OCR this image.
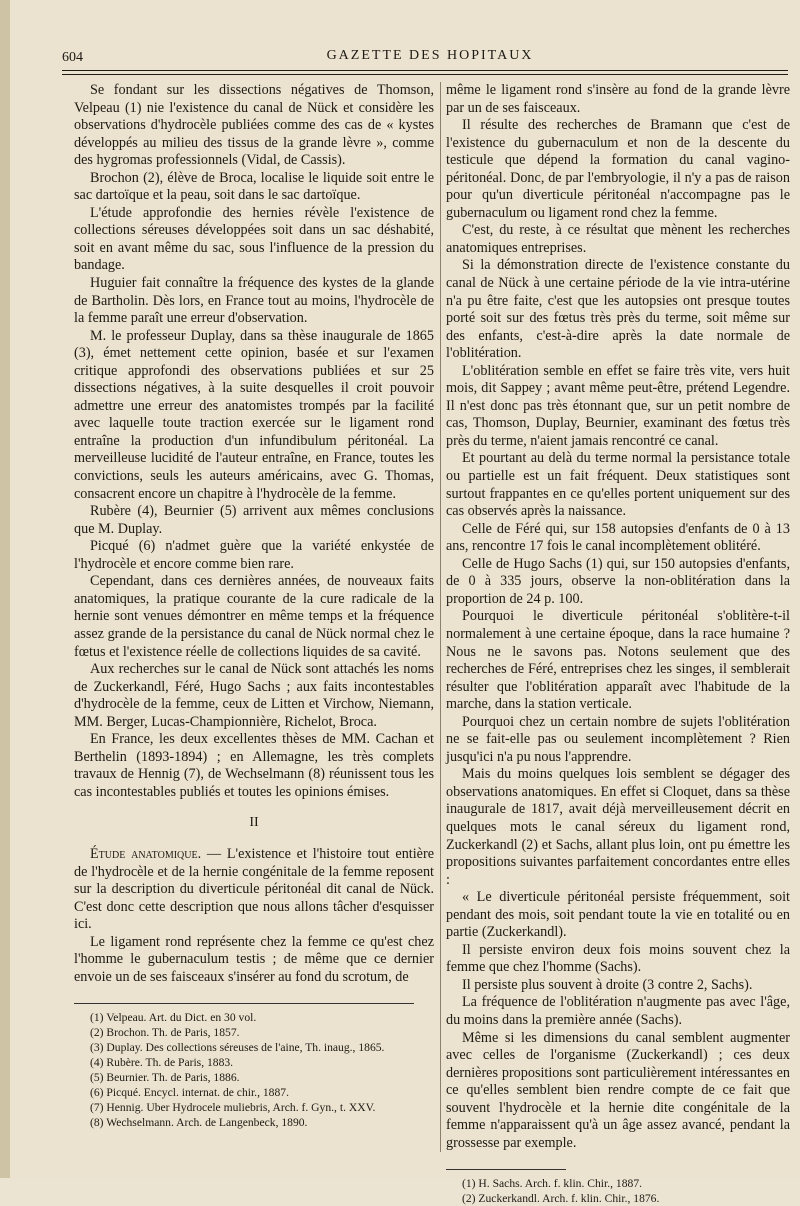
604	GAZETTE DES HOPITAUX

Se fondant sur les dissections négatives de Thomson, Velpeau (1) nie l'existence du canal de Nück et considère les observations d'hydrocèle publiées comme des cas de « kystes développés au milieu des tissus de la grande lèvre », comme des hygromas professionnels (Vidal, de Cassis).

Brochon (2), élève de Broca, localise le liquide soit entre le sac dartoïque et la peau, soit dans le sac dartoïque.

L'étude approfondie des hernies révèle l'existence de collections séreuses développées soit dans un sac déshabité, soit en avant même du sac, sous l'influence de la pression du bandage.

Huguier fait connaître la fréquence des kystes de la glande de Bartholin. Dès lors, en France tout au moins, l'hydrocèle de la femme paraît une erreur d'observation.

M. le professeur Duplay, dans sa thèse inaugurale de 1865 (3), émet nettement cette opinion, basée et sur l'examen critique approfondi des observations publiées et sur 25 dissections négatives, à la suite desquelles il croit pouvoir admettre une erreur des anatomistes trompés par la facilité avec laquelle toute traction exercée sur le ligament rond entraîne la production d'un infundibulum péritonéal. La merveilleuse lucidité de l'auteur entraîne, en France, toutes les convictions, seuls les auteurs américains, avec G. Thomas, consacrent encore un chapitre à l'hydrocèle de la femme.

Rubère (4), Beurnier (5) arrivent aux mêmes conclusions que M. Duplay.

Picqué (6) n'admet guère que la variété enkystée de l'hydrocèle et encore comme bien rare.

Cependant, dans ces dernières années, de nouveaux faits anatomiques, la pratique courante de la cure radicale de la hernie sont venues démontrer en même temps et la fréquence assez grande de la persistance du canal de Nück normal chez le fœtus et l'existence réelle de collections liquides de sa cavité.

Aux recherches sur le canal de Nück sont attachés les noms de Zuckerkandl, Féré, Hugo Sachs ; aux faits incontestables d'hydrocèle de la femme, ceux de Litten et Virchow, Niemann, MM. Berger, Lucas-Championnière, Richelot, Broca.

En France, les deux excellentes thèses de MM. Cachan et Berthelin (1893-1894) ; en Allemagne, les très complets travaux de Hennig (7), de Wechselmann (8) réunissent tous les cas incontestables publiés et toutes les opinions émises.

II

Étude anatomique. — L'existence et l'histoire tout entière de l'hydrocèle et de la hernie congénitale de la femme reposent sur la description du diverticule péritonéal dit canal de Nück. C'est donc cette description que nous allons tâcher d'esquisser ici.

Le ligament rond représente chez la femme ce qu'est chez l'homme le gubernaculum testis ; de même que ce dernier envoie un de ses faisceaux s'insérer au fond du scrotum, de

(1) Velpeau. Art. du Dict. en 30 vol.
(2) Brochon. Th. de Paris, 1857.
(3) Duplay. Des collections séreuses de l'aine, Th. inaug., 1865.
(4) Rubère. Th. de Paris, 1883.
(5) Beurnier. Th. de Paris, 1886.
(6) Picqué. Encycl. internat. de chir., 1887.
(7) Hennig. Uber Hydrocele muliebris, Arch. f. Gyn., t. XXV.
(8) Wechselmann. Arch. de Langenbeck, 1890.

même le ligament rond s'insère au fond de la grande lèvre par un de ses faisceaux.

Il résulte des recherches de Bramann que c'est de l'existence du gubernaculum et non de la descente du testicule que dépend la formation du canal vagino-péritonéal. Donc, de par l'embryologie, il n'y a pas de raison pour qu'un diverticule péritonéal n'accompagne pas le gubernaculum ou ligament rond chez la femme.

C'est, du reste, à ce résultat que mènent les recherches anatomiques entreprises.

Si la démonstration directe de l'existence constante du canal de Nück à une certaine période de la vie intra-utérine n'a pu être faite, c'est que les autopsies ont presque toutes porté soit sur des fœtus très près du terme, soit même sur des enfants, c'est-à-dire après la date normale de l'oblitération.

L'oblitération semble en effet se faire très vite, vers huit mois, dit Sappey ; avant même peut-être, prétend Legendre. Il n'est donc pas très étonnant que, sur un petit nombre de cas, Thomson, Duplay, Beurnier, examinant des fœtus très près du terme, n'aient jamais rencontré ce canal.

Et pourtant au delà du terme normal la persistance totale ou partielle est un fait fréquent. Deux statistiques sont surtout frappantes en ce qu'elles portent uniquement sur des cas observés après la naissance.

Celle de Féré qui, sur 158 autopsies d'enfants de 0 à 13 ans, rencontre 17 fois le canal incomplètement oblitéré.

Celle de Hugo Sachs (1) qui, sur 150 autopsies d'enfants, de 0 à 335 jours, observe la non-oblitération dans la proportion de 24 p. 100.

Pourquoi le diverticule péritonéal s'oblitère-t-il normalement à une certaine époque, dans la race humaine ? Nous ne le savons pas. Notons seulement que des recherches de Féré, entreprises chez les singes, il semblerait résulter que l'oblitération apparaît avec l'habitude de la marche, dans la station verticale.

Pourquoi chez un certain nombre de sujets l'oblitération ne se fait-elle pas ou seulement incomplètement ? Rien jusqu'ici n'a pu nous l'apprendre.

Mais du moins quelques lois semblent se dégager des observations anatomiques. En effet si Cloquet, dans sa thèse inaugurale de 1817, avait déjà merveilleusement décrit en quelques mots le canal séreux du ligament rond, Zuckerkandl (2) et Sachs, allant plus loin, ont pu émettre les propositions suivantes parfaitement concordantes entre elles :

« Le diverticule péritonéal persiste fréquemment, soit pendant des mois, soit pendant toute la vie en totalité ou en partie (Zuckerkandl).

Il persiste environ deux fois moins souvent chez la femme que chez l'homme (Sachs).

Il persiste plus souvent à droite (3 contre 2, Sachs).

La fréquence de l'oblitération n'augmente pas avec l'âge, du moins dans la première année (Sachs).

Même si les dimensions du canal semblent augmenter avec celles de l'organisme (Zuckerkandl) ; ces deux dernières propositions sont particulièrement intéressantes en ce qu'elles semblent bien rendre compte de ce fait que souvent l'hydrocèle et la hernie dite congénitale de la femme n'apparaissent qu'à un âge assez avancé, pendant la grossesse par exemple.

(1) H. Sachs. Arch. f. klin. Chir., 1887.
(2) Zuckerkandl. Arch. f. klin. Chir., 1876.
